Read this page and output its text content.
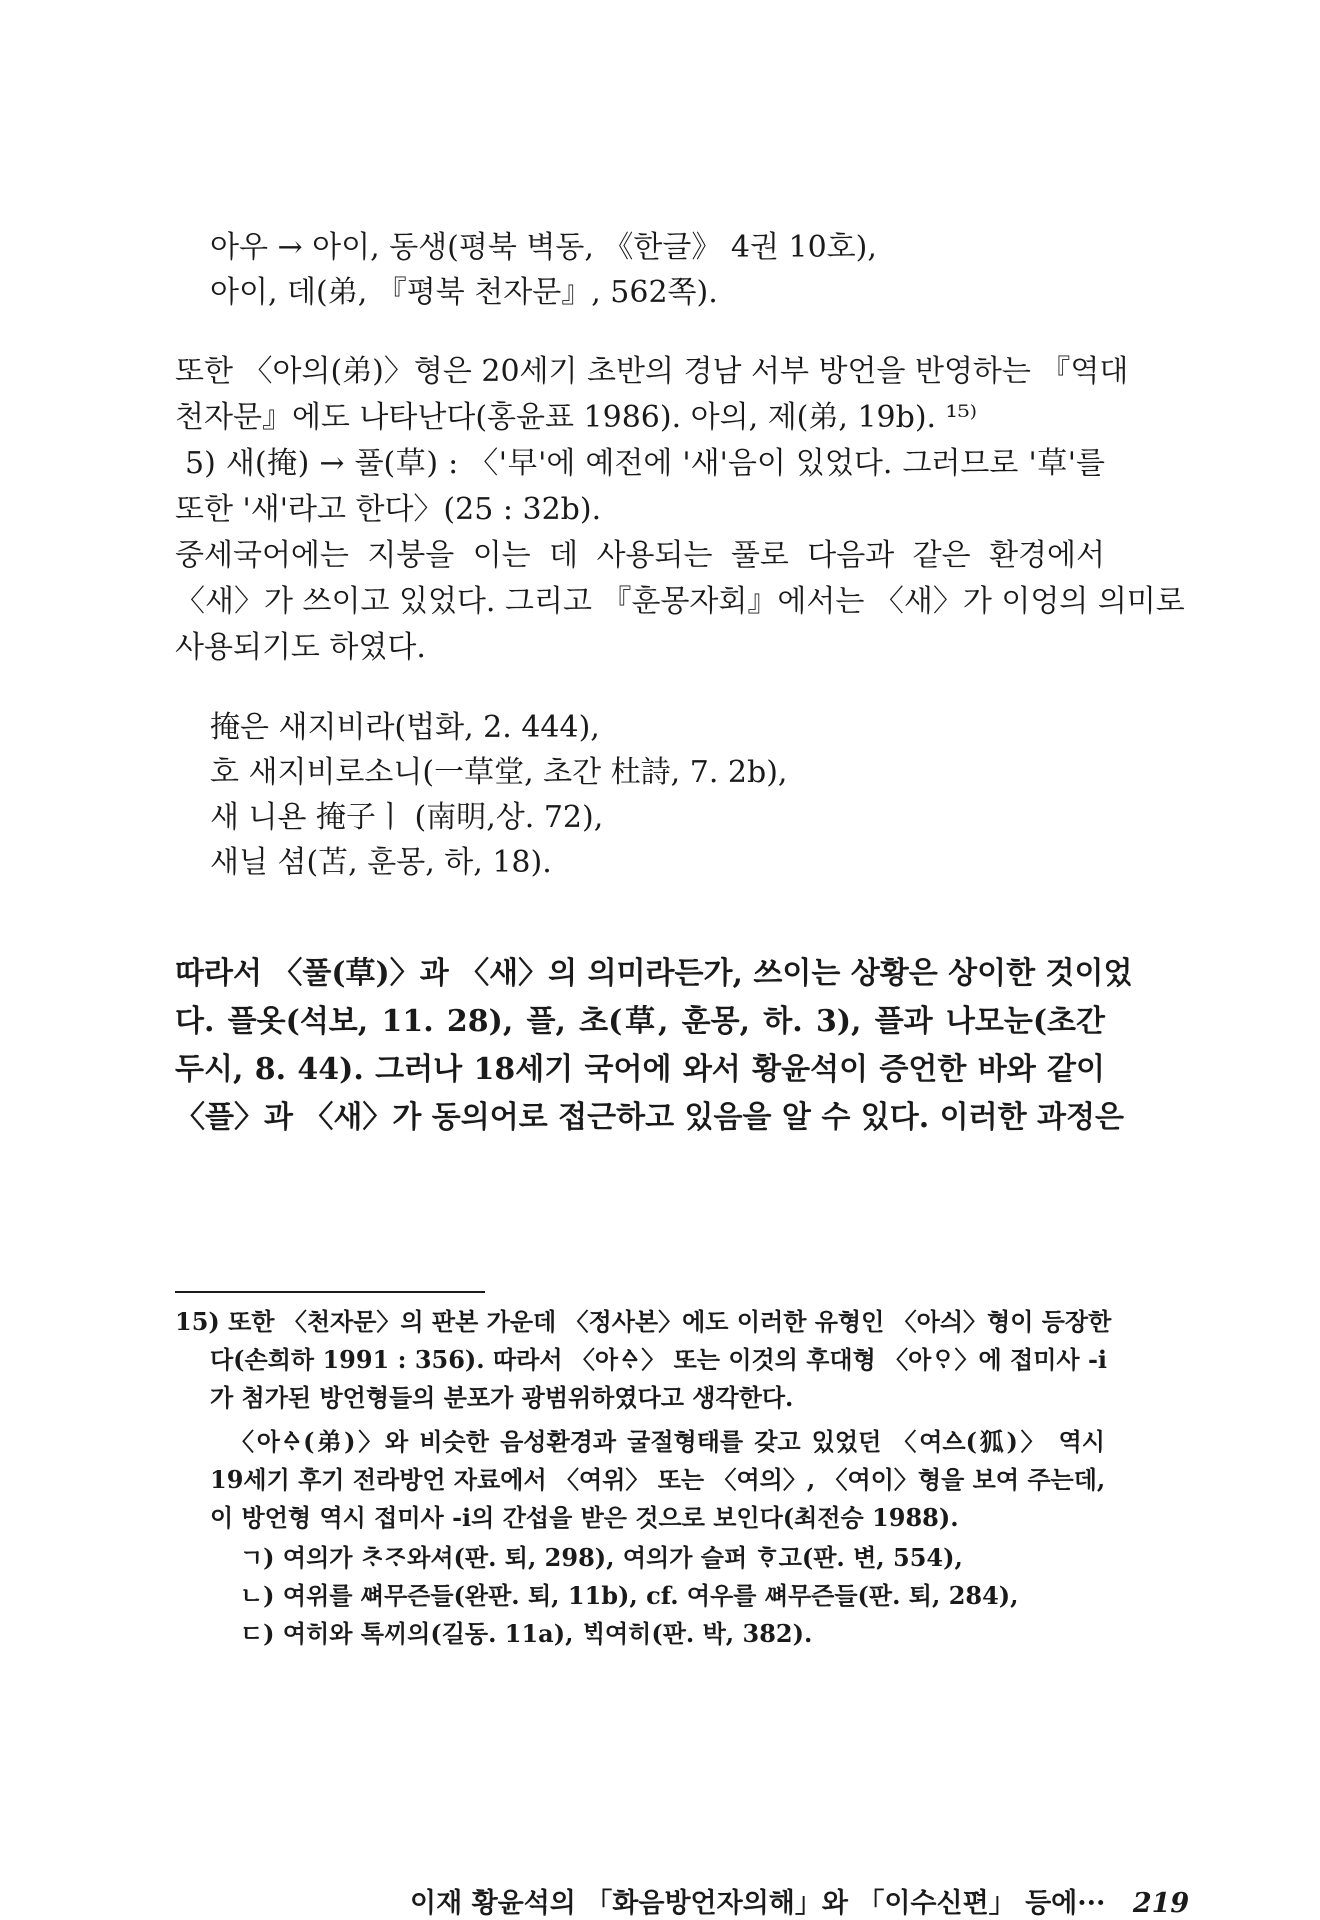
아우 → 아이, 동생(평북 벽동, 《한글》 4권 10호),
아이, 데(弟, 『평북 천자문』, 562쪽).
또한 〈아의(弟)〉형은 20세기 초반의 경남 서부 방언을 반영하는 『역대
천자문』에도 나타난다(홍윤표 1986). 아의, 제(弟, 19b). ¹⁵⁾
5) 새(掩) → 풀(草) : 〈'早'에 예전에 '새'음이 있었다. 그러므로 '草'를
또한 '새'라고 한다〉(25 : 32b).
중세국어에는 지붕을 이는 데 사용되는 풀로 다음과 같은 환경에서
〈새〉가 쓰이고 있었다. 그리고 『훈몽자회』에서는 〈새〉가 이엉의 의미로
사용되기도 하였다.
掩은 새지비라(법화, 2. 444),
호 새지비로소니(一草堂, 초간 杜詩, 7. 2b),
새 니욘 掩子ㅣ (南明,상. 72),
새닐 셤(苫, 훈몽, 하, 18).
따라서 〈풀(草)〉과 〈새〉의 의미라든가, 쓰이는 상황은 상이한 것이었
다. 플옷(석보, 11. 28), 플, 초(草, 훈몽, 하. 3), 플과 나모눈(초간
두시, 8. 44). 그러나 18세기 국어에 와서 황윤석이 증언한 바와 같이
〈플〉과 〈새〉가 동의어로 접근하고 있음을 알 수 있다. 이러한 과정은
15) 또한 〈천자문〉의 판본 가운데 〈정사본〉에도 이러한 유형인 〈아싀〉형이 등장한
다(손희하 1991 : 356). 따라서 〈아ᅀᆞ〉 또는 이것의 후대형 〈아ᄋᆞ〉에 접미사 -i
가 첨가된 방언형들의 분포가 광범위하였다고 생각한다.
〈아ᅀᆞ(弟)〉와 비슷한 음성환경과 굴절형태를 갖고 있었던 〈여ᅀᅳ(狐)〉 역시
19세기 후기 전라방언 자료에서 〈여위〉 또는 〈여의〉, 〈여이〉형을 보여 주는데,
이 방언형 역시 접미사 -i의 간섭을 받은 것으로 보인다(최전승 1988).
ㄱ) 여의가 ᄎᆞᄌᆞ와셔(판. 퇴, 298), 여의가 슬퍼 ᄒᆞ고(판. 변, 554),
ㄴ) 여위를 ᄲᅧ무즌들(완판. 퇴, 11b), cf. 여우를 ᄲᅧ무즌들(판. 퇴, 284),
ㄷ) 여히와 톡ᄭᅵ의(길동. 11a), ᄇᆡᆨ여히(판. 박, 382).
이재 황윤석의 「화음방언자의해」와 「이수신편」 등에··· 219
